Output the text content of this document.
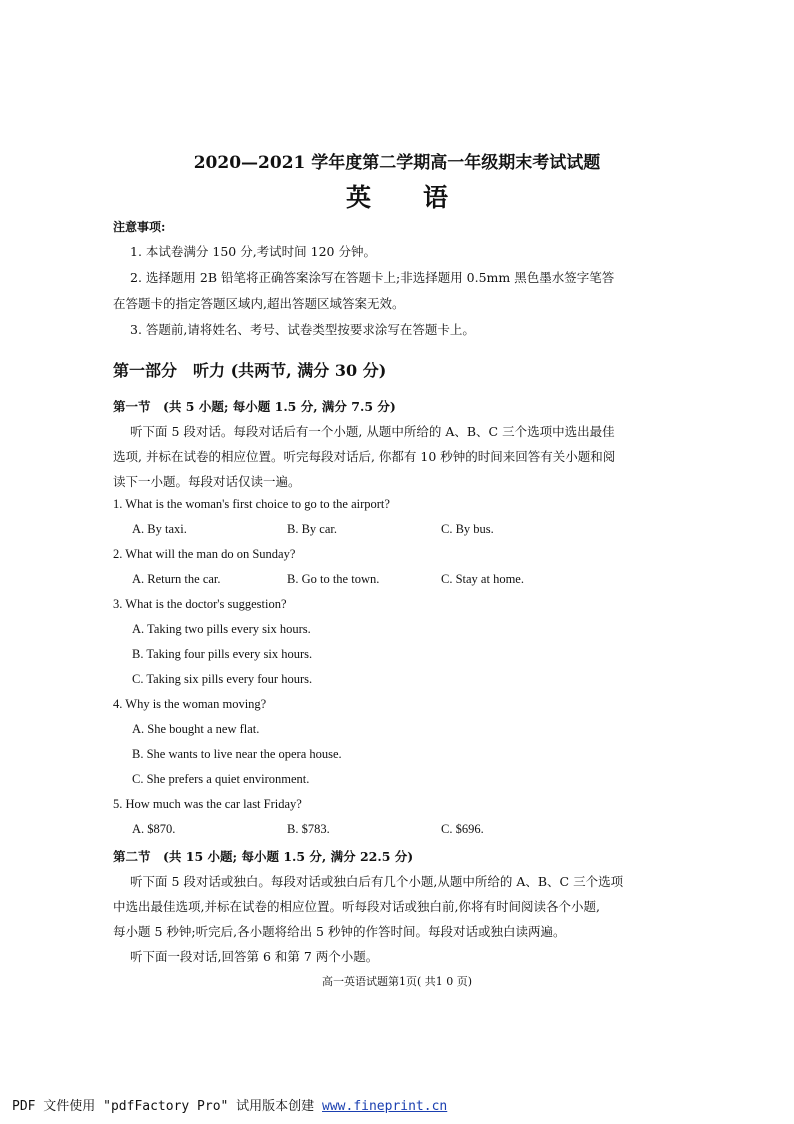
2020—2021 学年度第二学期高一年级期末考试试题
英语
注意事项:
1. 本试卷满分 150 分,考试时间 120 分钟。
2. 选择题用 2B 铅笔将正确答案涂写在答题卡上;非选择题用 0.5mm 黑色墨水签字笔答
在答题卡的指定答题区域内,超出答题区域答案无效。
3. 答题前,请将姓名、考号、试卷类型按要求涂写在答题卡上。
第一部分　听力 (共两节, 满分 30 分)
第一节　(共 5 小题; 每小题 1.5 分, 满分 7.5 分)
听下面 5 段对话。每段对话后有一个小题, 从题中所给的 A、B、C 三个选项中选出最佳
选项, 并标在试卷的相应位置。听完每段对话后, 你都有 10 秒钟的时间来回答有关小题和阅
读下一小题。每段对话仅读一遍。
1. What is the woman's first choice to go to the airport?
A. By taxi.	B. By car.	C. By bus.
2. What will the man do on Sunday?
A. Return the car.	B. Go to the town.	C. Stay at home.
3. What is the doctor's suggestion?
A. Taking two pills every six hours.
B. Taking four pills every six hours.
C. Taking six pills every four hours.
4. Why is the woman moving?
A. She bought a new flat.
B. She wants to live near the opera house.
C. She prefers a quiet environment.
5. How much was the car last Friday?
A. $870.	B. $783.	C. $696.
第二节　(共 15 小题; 每小题 1.5 分, 满分 22.5 分)
听下面 5 段对话或独白。每段对话或独白后有几个小题,从题中所给的 A、B、C 三个选项
中选出最佳选项,并标在试卷的相应位置。听每段对话或独白前,你将有时间阅读各个小题,
每小题 5 秒钟;听完后,各小题将给出 5 秒钟的作答时间。每段对话或独白读两遍。
听下面一段对话,回答第 6 和第 7 两个小题。
高一英语试题第1页( 共1 0 页)
PDF 文件使用 "pdfFactory Pro" 试用版本创建 www.fineprint.cn
